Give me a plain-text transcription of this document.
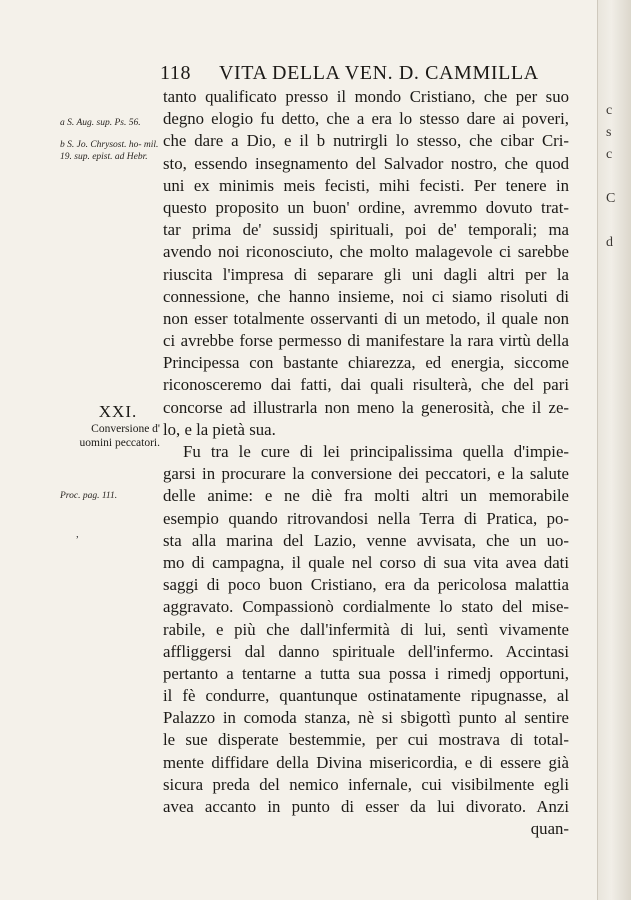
c
s
c
C
d
118 VITA DELLA VEN. D. CAMMILLA
a S. Aug. sup. Ps. 56.
b S. Jo. Chrysost. ho- mil. 19. sup. epist. ad Hebr.
XXI.
Conversione d'
uomini peccatori.
Proc. pag. 111.
,
tanto qualificato presso il mondo Cristiano, che per suo
degno elogio fu detto, che a era lo stesso dare ai poveri,
che dare a Dio, e il b nutrirgli lo stesso, che cibar Cri-
sto, essendo insegnamento del Salvador nostro, che quod
uni ex minimis meis fecisti, mihi fecisti. Per tenere in
questo proposito un buon' ordine, avremmo dovuto trat-
tar prima de' sussidj spirituali, poi de' temporali; ma
avendo noi riconosciuto, che molto malagevole ci sarebbe
riuscita l'impresa di separare gli uni dagli altri per la
connessione, che hanno insieme, noi ci siamo risoluti di
non esser totalmente osservanti di un metodo, il quale non
ci avrebbe forse permesso di manifestare la rara virtù della
Principessa con bastante chiarezza, ed energia, siccome
riconosceremo dai fatti, dai quali risulterà, che del pari
concorse ad illustrarla non meno la generosità, che il ze-
lo, e la pietà sua.
Fu tra le cure di lei principalissima quella d'impie-
garsi in procurare la conversione dei peccatori, e la salute
delle anime: e ne diè fra molti altri un memorabile
esempio quando ritrovandosi nella Terra di Pratica, po-
sta alla marina del Lazio, venne avvisata, che un uo-
mo di campagna, il quale nel corso di sua vita avea dati
saggi di poco buon Cristiano, era da pericolosa malattia
aggravato. Compassionò cordialmente lo stato del mise-
rabile, e più che dall'infermità di lui, sentì vivamente
affliggersi dal danno spirituale dell'infermo. Accintasi
pertanto a tentarne a tutta sua possa i rimedj opportuni,
il fè condurre, quantunque ostinatamente ripugnasse, al
Palazzo in comoda stanza, nè si sbigottì punto al sentire
le sue disperate bestemmie, per cui mostrava di total-
mente diffidare della Divina misericordia, e di essere già
sicura preda del nemico infernale, cui visibilmente egli
avea accanto in punto di esser da lui divorato. Anzi
quan-
